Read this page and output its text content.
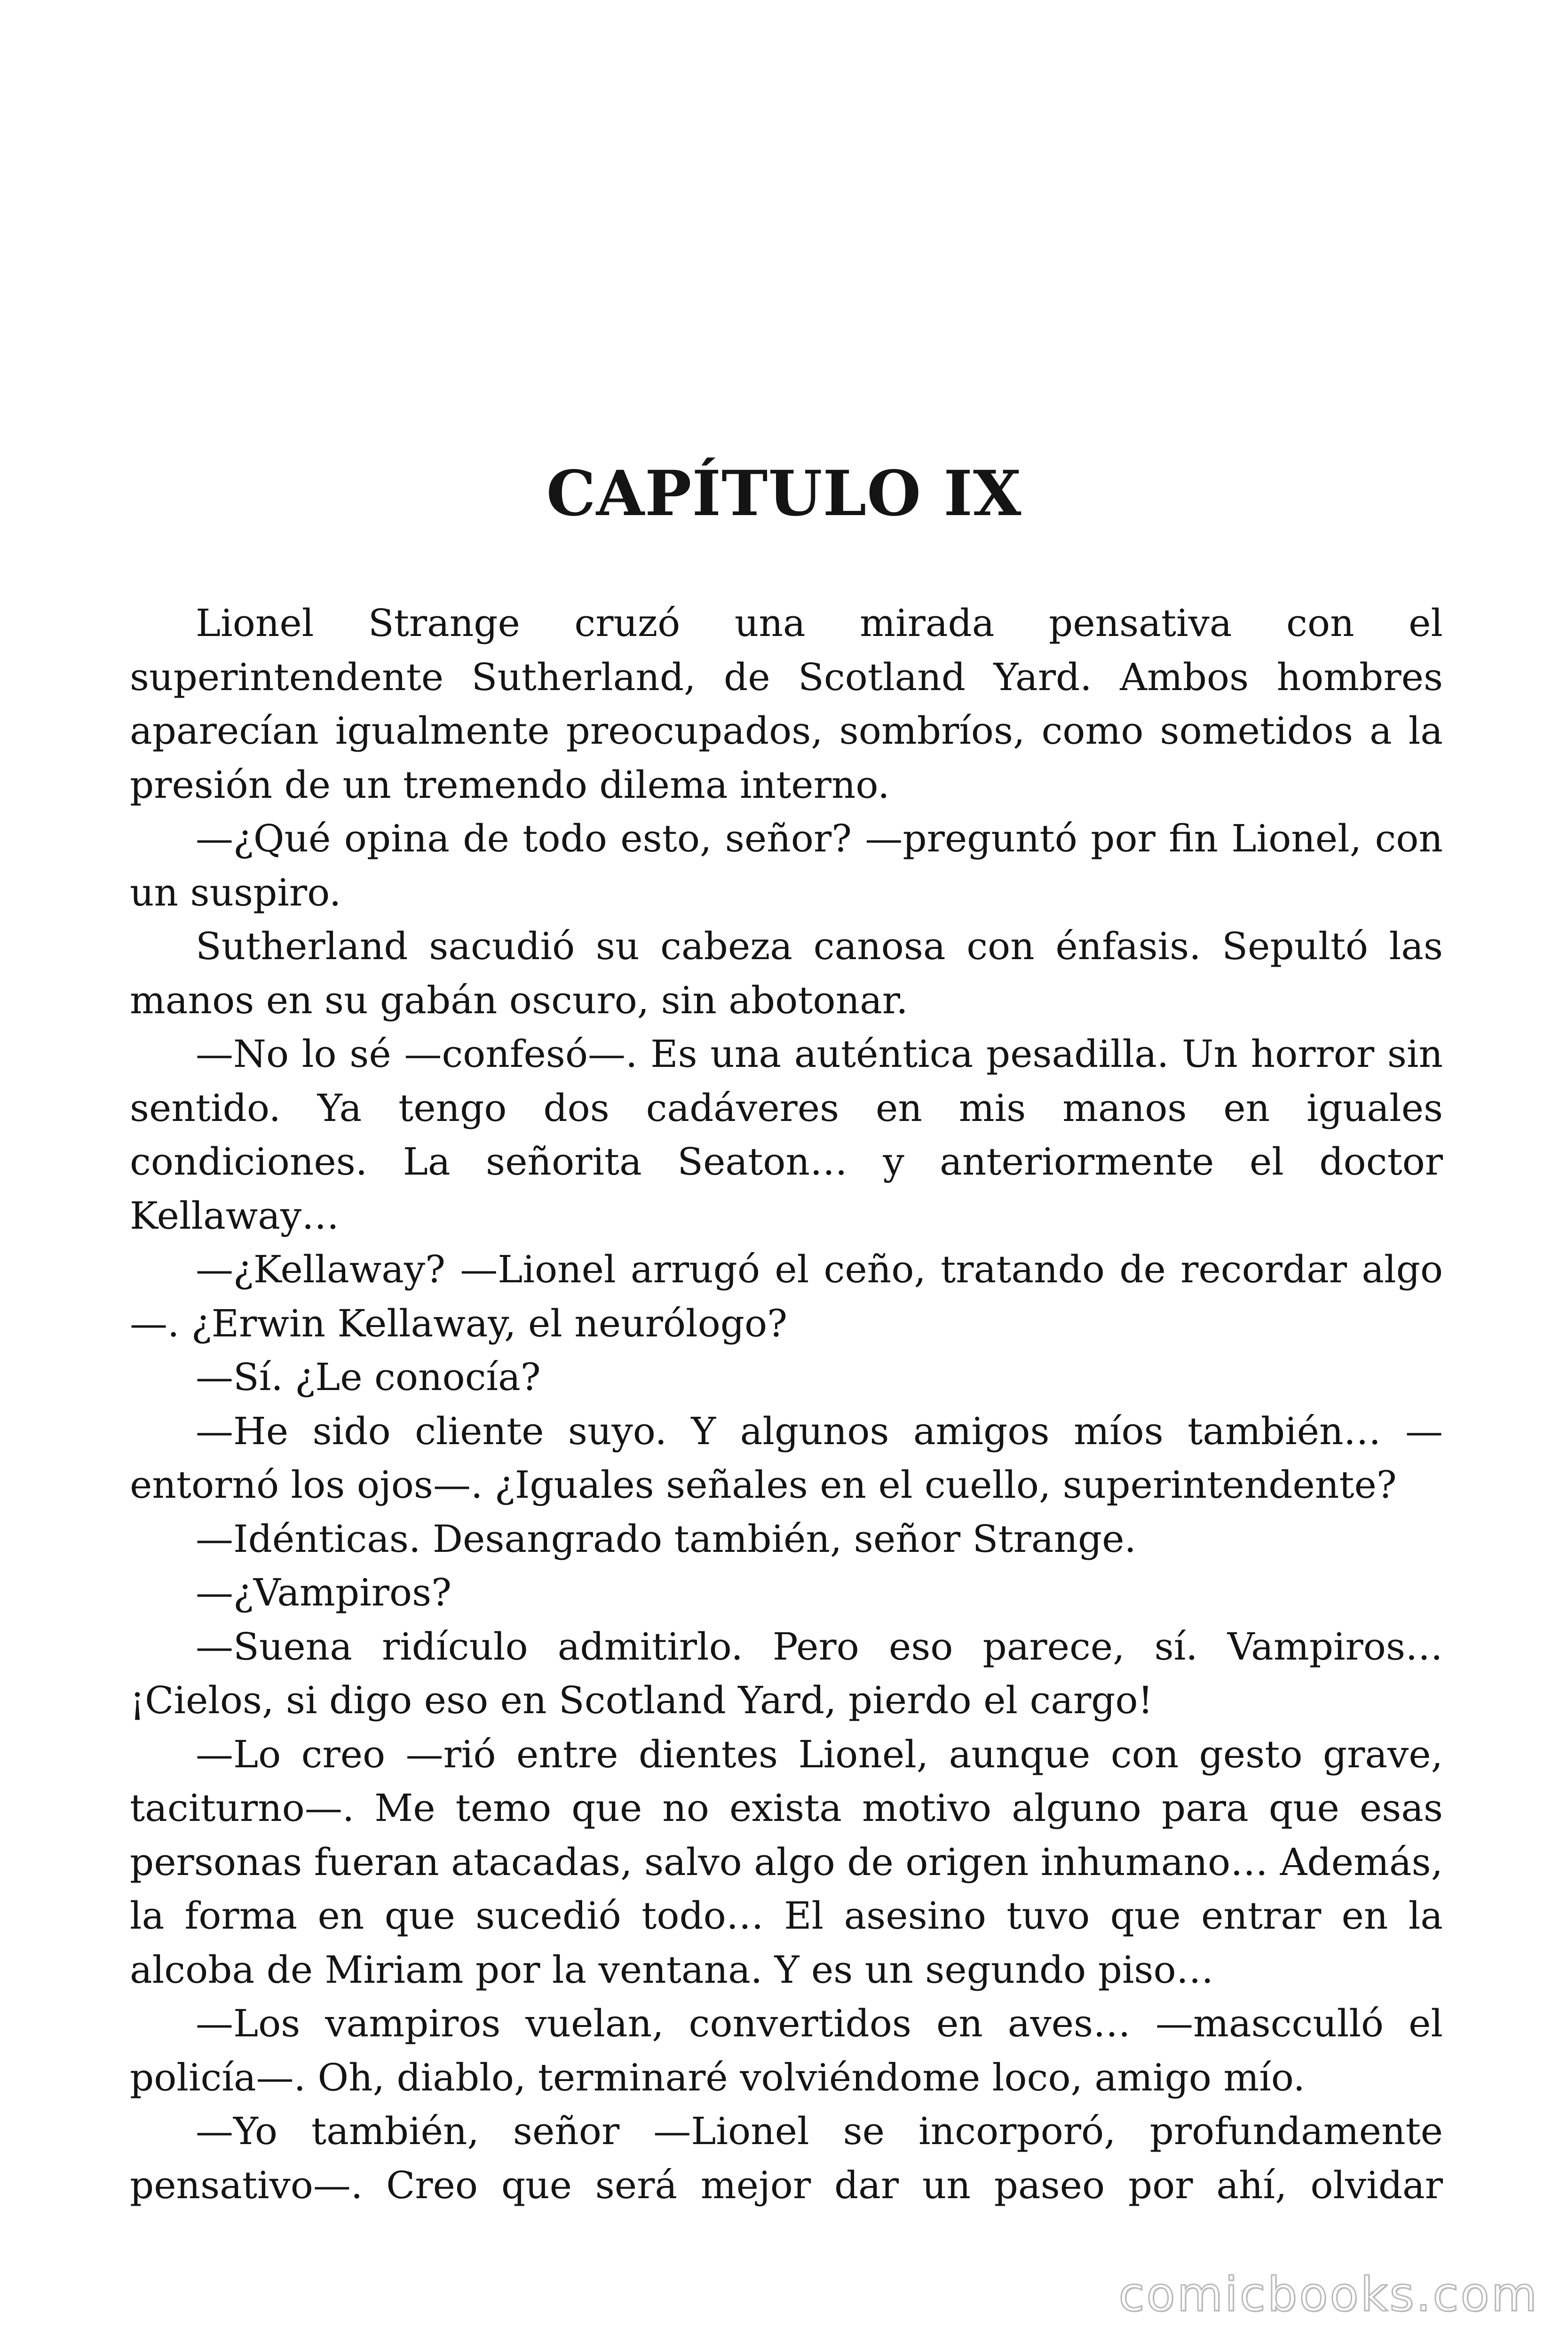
CAPÍTULO IX

Lionel Strange cruzó una mirada pensativa con el superintendente Sutherland, de Scotland Yard. Ambos hombres aparecían igualmente preocupados, sombríos, como sometidos a la presión de un tremendo dilema interno.

—¿Qué opina de todo esto, señor? —preguntó por fin Lionel, con un suspiro.

Sutherland sacudió su cabeza canosa con énfasis. Sepultó las manos en su gabán oscuro, sin abotonar.

—No lo sé —confesó—. Es una auténtica pesadilla. Un horror sin sentido. Ya tengo dos cadáveres en mis manos en iguales condiciones. La señorita Seaton… y anteriormente el doctor Kellaway…

—¿Kellaway? —Lionel arrugó el ceño, tratando de recordar algo —. ¿Erwin Kellaway, el neurólogo?

—Sí. ¿Le conocía?

—He sido cliente suyo. Y algunos amigos míos también… — entornó los ojos—. ¿Iguales señales en el cuello, superintendente?

—Idénticas. Desangrado también, señor Strange.

—¿Vampiros?

—Suena ridículo admitirlo. Pero eso parece, sí. Vampiros… ¡Cielos, si digo eso en Scotland Yard, pierdo el cargo!

—Lo creo —rió entre dientes Lionel, aunque con gesto grave, taciturno—. Me temo que no exista motivo alguno para que esas personas fueran atacadas, salvo algo de origen inhumano… Además, la forma en que sucedió todo… El asesino tuvo que entrar en la alcoba de Miriam por la ventana. Y es un segundo piso…

—Los vampiros vuelan, convertidos en aves… —mascculló el policía—. Oh, diablo, terminaré volviéndome loco, amigo mío.

—Yo también, señor —Lionel se incorporó, profundamente pensativo—. Creo que será mejor dar un paseo por ahí, olvidar

comicbooks.com
